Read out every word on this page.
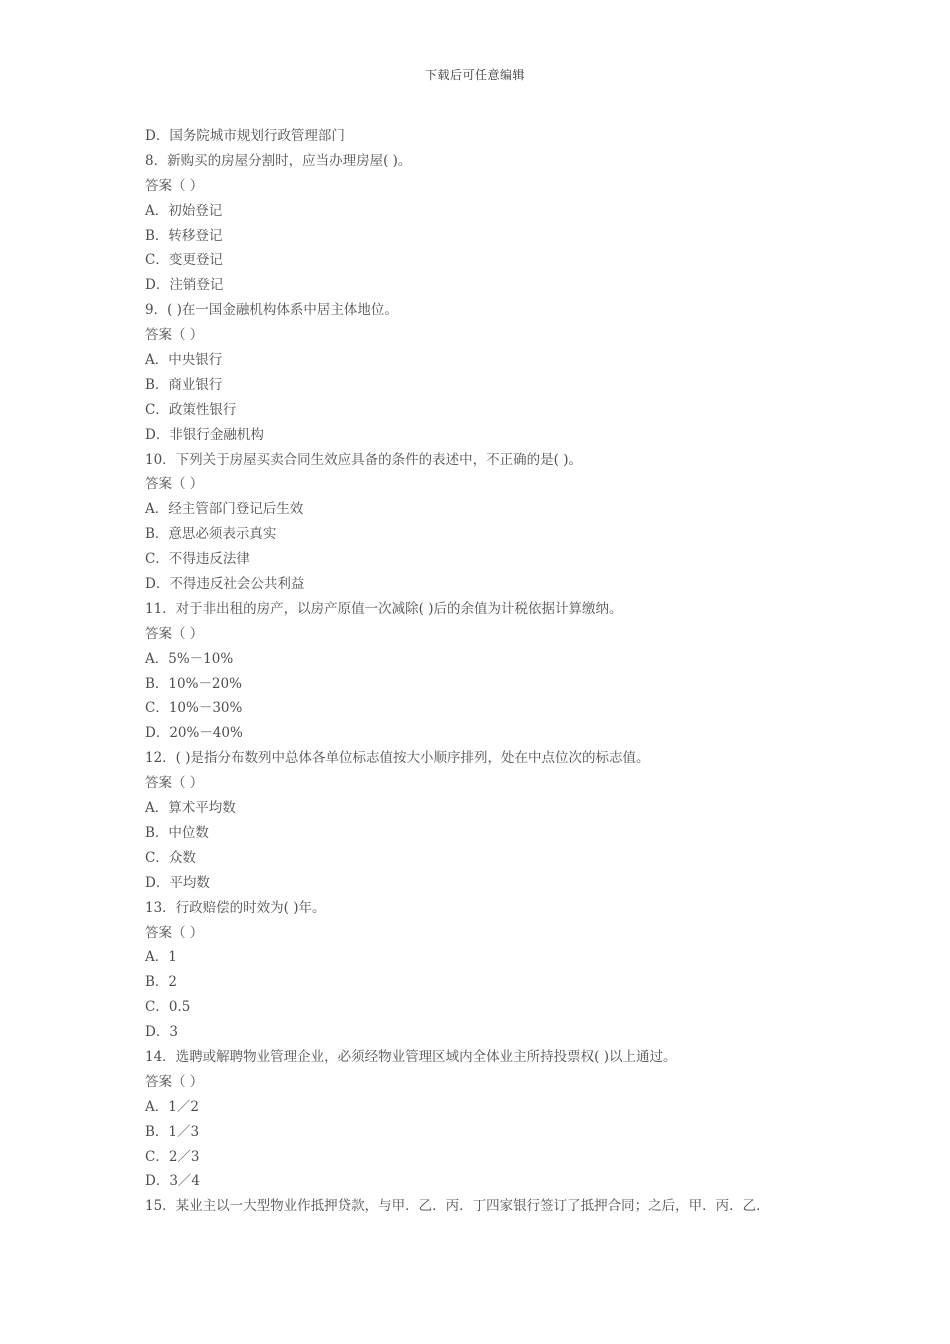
下载后可任意编辑
D．国务院城市规划行政管理部门
8．新购买的房屋分割时，应当办理房屋( )。
答案（ ）
A．初始登记
B．转移登记
C．变更登记
D．注销登记
9．( )在一国金融机构体系中居主体地位。
答案（ ）
A．中央银行
B．商业银行
C．政策性银行
D．非银行金融机构
10．下列关于房屋买卖合同生效应具备的条件的表述中，不正确的是( )。
答案（ ）
A．经主管部门登记后生效
B．意思必须表示真实
C．不得违反法律
D．不得违反社会公共利益
11．对于非出租的房产，以房产原值一次减除( )后的余值为计税依据计算缴纳。
答案（ ）
A．5%－10%
B．10%－20%
C．10%－30%
D．20%－40%
12．( )是指分布数列中总体各单位标志值按大小顺序排列，处在中点位次的标志值。
答案（ ）
A．算术平均数
B．中位数
C．众数
D．平均数
13．行政赔偿的时效为( )年。
答案（ ）
A．1
B．2
C．0.5
D．3
14．选聘或解聘物业管理企业，必须经物业管理区域内全体业主所持投票权( )以上通过。
答案（ ）
A．1／2
B．1／3
C．2／3
D．3／4
15．某业主以一大型物业作抵押贷款，与甲．乙．丙．丁四家银行签订了抵押合同；之后，甲．丙．乙．
